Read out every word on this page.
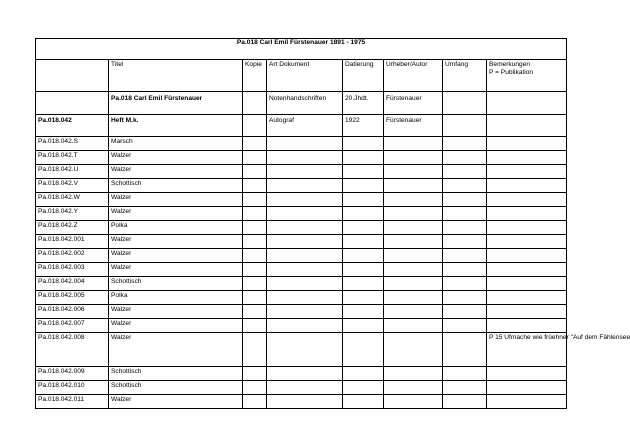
Pa.018 Carl Emil Fürstenauer 1891 - 1975							
	Titel	Kopie	Art Dokument	Datierung	Urheber/Autor	Umfang	Bemerkungen
P = Publikation
	Pa.018 Carl Emil Fürstenauer		Notenhandschriften	20.Jhdt.	Fürstenauer		
Pa.018.042	Heft M.k.		Autograf	1922	Fürstenauer		
Pa.018.042.S	Marsch						
Pa.018.042.T	Walzer						
Pa.018.042.U	Walzer						
Pa.018.042.V	Schottisch						
Pa.018.042.W	Walzer						
Pa.018.042.Y	Walzer						
Pa.018.042.Z	Polka						
Pa.018.042.001	Walzer						
Pa.018.042.002	Walzer						
Pa.018.042.003	Walzer						
Pa.018.042.004	Schottisch						
Pa.018.042.005	Polka						
Pa.018.042.006	Walzer						
Pa.018.042.007	Walzer						
Pa.018.042.008	Walzer						P 15 Ufmache wie früehner "Auf dem Fählensee
Pa.018.042.009	Schottisch						
Pa.018.042.010	Schottisch						
Pa.018.042.011	Walzer						
